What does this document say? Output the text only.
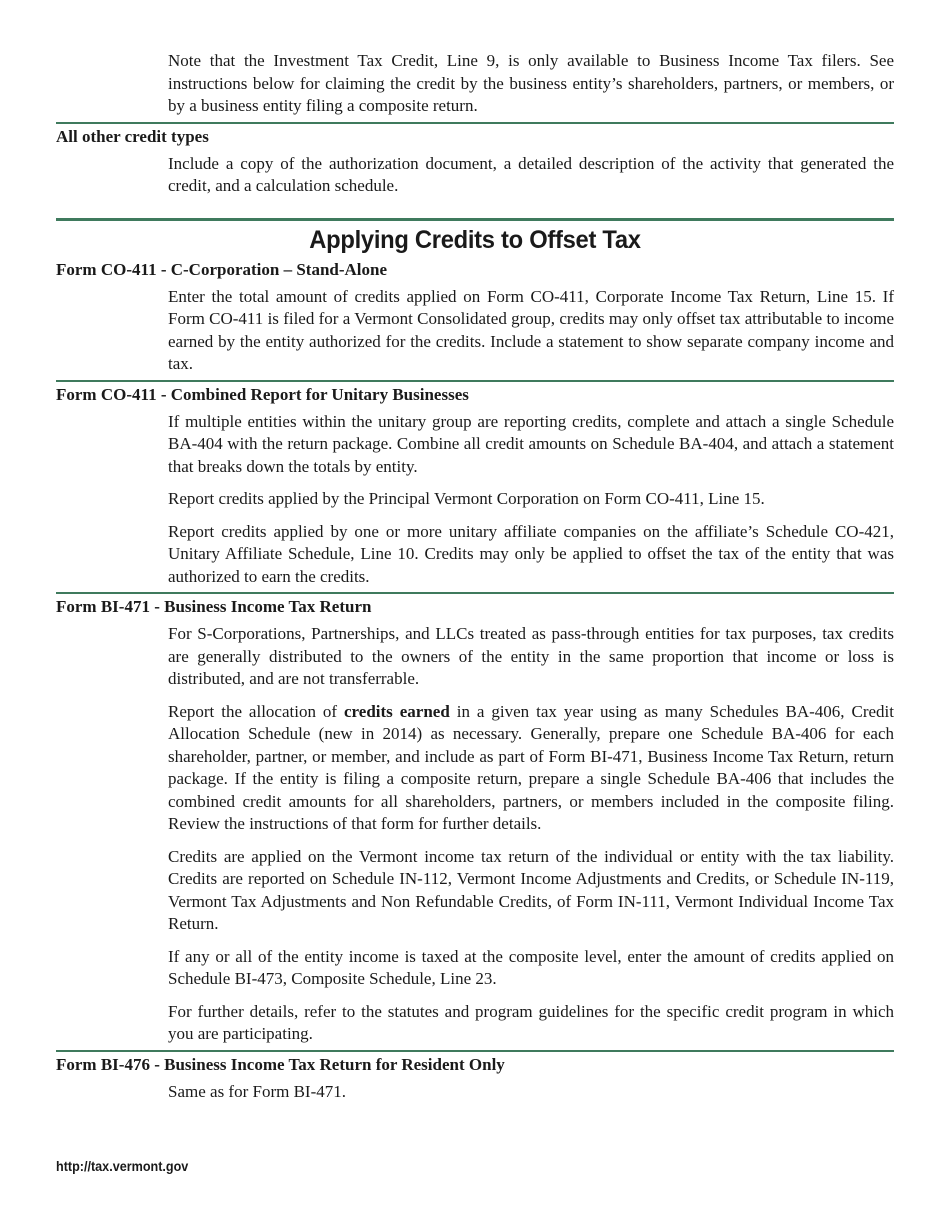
Note that the Investment Tax Credit, Line 9, is only available to Business Income Tax filers. See instructions below for claiming the credit by the business entity’s shareholders, partners, or members, or by a business entity filing a composite return.

All other credit types

Include a copy of the authorization document, a detailed description of the activity that generated the credit, and a calculation schedule.

Applying Credits to Offset Tax
Form CO-411 - C-Corporation – Stand-Alone

Enter the total amount of credits applied on Form CO-411, Corporate Income Tax Return, Line 15. If Form CO-411 is filed for a Vermont Consolidated group, credits may only offset tax attributable to income earned by the entity authorized for the credits. Include a statement to show separate company income and tax.

Form CO-411 - Combined Report for Unitary Businesses

If multiple entities within the unitary group are reporting credits, complete and attach a single Schedule BA-404 with the return package. Combine all credit amounts on Schedule BA-404, and attach a statement that breaks down the totals by entity.

Report credits applied by the Principal Vermont Corporation on Form CO-411, Line 15.

Report credits applied by one or more unitary affiliate companies on the affiliate’s Schedule CO-421, Unitary Affiliate Schedule, Line 10. Credits may only be applied to offset the tax of the entity that was authorized to earn the credits.

Form BI-471 - Business Income Tax Return

For S-Corporations, Partnerships, and LLCs treated as pass-through entities for tax purposes, tax credits are generally distributed to the owners of the entity in the same proportion that income or loss is distributed, and are not transferrable.

Report the allocation of credits earned in a given tax year using as many Schedules BA-406, Credit Allocation Schedule (new in 2014) as necessary. Generally, prepare one Schedule BA-406 for each shareholder, partner, or member, and include as part of Form BI-471, Business Income Tax Return, return package. If the entity is filing a composite return, prepare a single Schedule BA-406 that includes the combined credit amounts for all shareholders, partners, or members included in the composite filing. Review the instructions of that form for further details.

Credits are applied on the Vermont income tax return of the individual or entity with the tax liability. Credits are reported on Schedule IN-112, Vermont Income Adjustments and Credits, or Schedule IN-119, Vermont Tax Adjustments and Non Refundable Credits, of Form IN-111, Vermont Individual Income Tax Return.

If any or all of the entity income is taxed at the composite level, enter the amount of credits applied on Schedule BI-473, Composite Schedule, Line 23.

For further details, refer to the statutes and program guidelines for the specific credit program in which you are participating.

Form BI-476 - Business Income Tax Return for Resident Only

Same as for Form BI-471.

http://tax.vermont.gov
